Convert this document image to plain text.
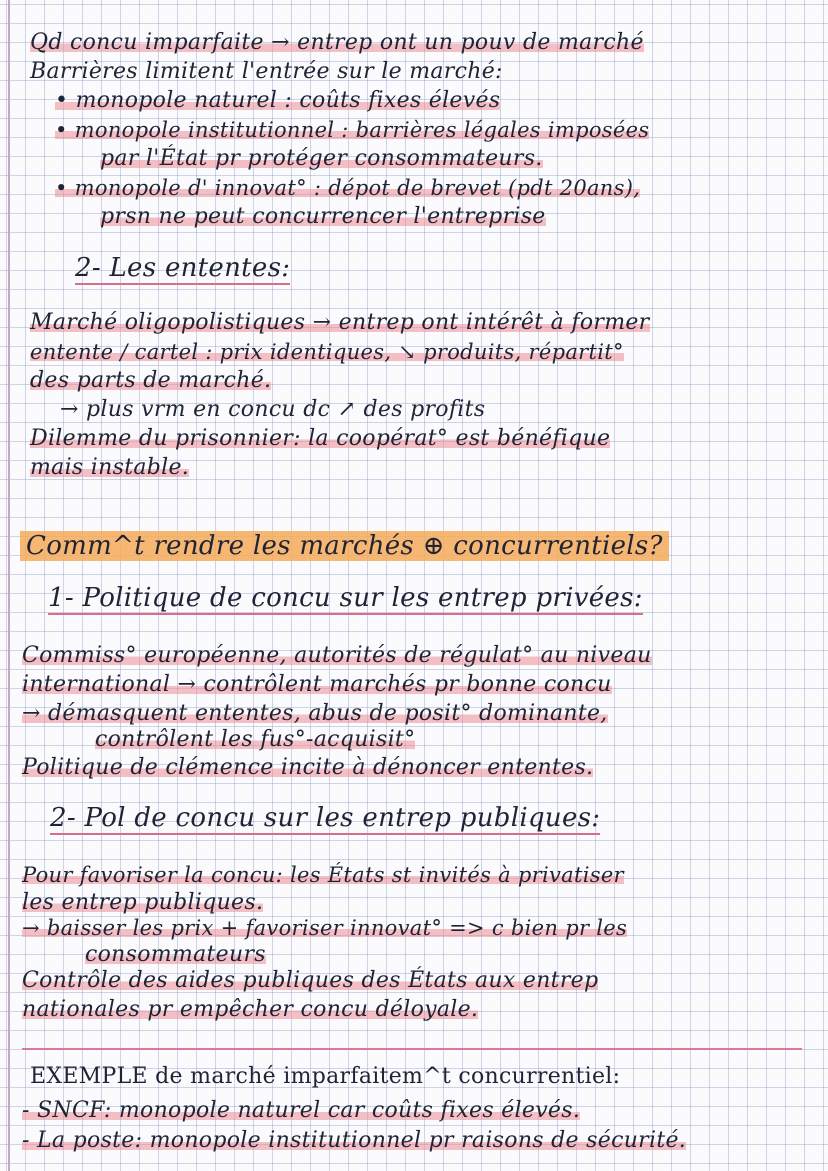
Qd concu imparfaite → entrep ont un pouv de marché
Barrières limitent l'entrée sur le marché:
• monopole naturel : coûts fixes élevés
• monopole institutionnel : barrières légales imposées
par l'État pr protéger consommateurs.
• monopole d' innovat° : dépot de brevet (pdt 20ans),
prsn ne peut concurrencer l'entreprise
2- Les ententes:
Marché oligopolistiques → entrep ont intérêt à former
entente / cartel : prix identiques, ↘ produits, répartit°
des parts de marché.
→ plus vrm en concu dc ↗ des profits
Dilemme du prisonnier: la coopérat° est bénéfique
mais instable.
Comm^t rendre les marchés ⊕ concurrentiels?
1- Politique de concu sur les entrep privées:
Commiss° européenne, autorités de régulat° au niveau
international → contrôlent marchés pr bonne concu
→ démasquent ententes, abus de posit° dominante,
contrôlent les fus°-acquisit°
Politique de clémence incite à dénoncer ententes.
2- Pol de concu sur les entrep publiques:
Pour favoriser la concu: les États st invités à privatiser
les entrep publiques.
→ baisser les prix + favoriser innovat° => c bien pr les
consommateurs
Contrôle des aides publiques des États aux entrep
nationales pr empêcher concu déloyale.
EXEMPLE de marché imparfaitem^t concurrentiel:
- SNCF: monopole naturel car coûts fixes élevés.
- La poste: monopole institutionnel pr raisons de sécurité.
